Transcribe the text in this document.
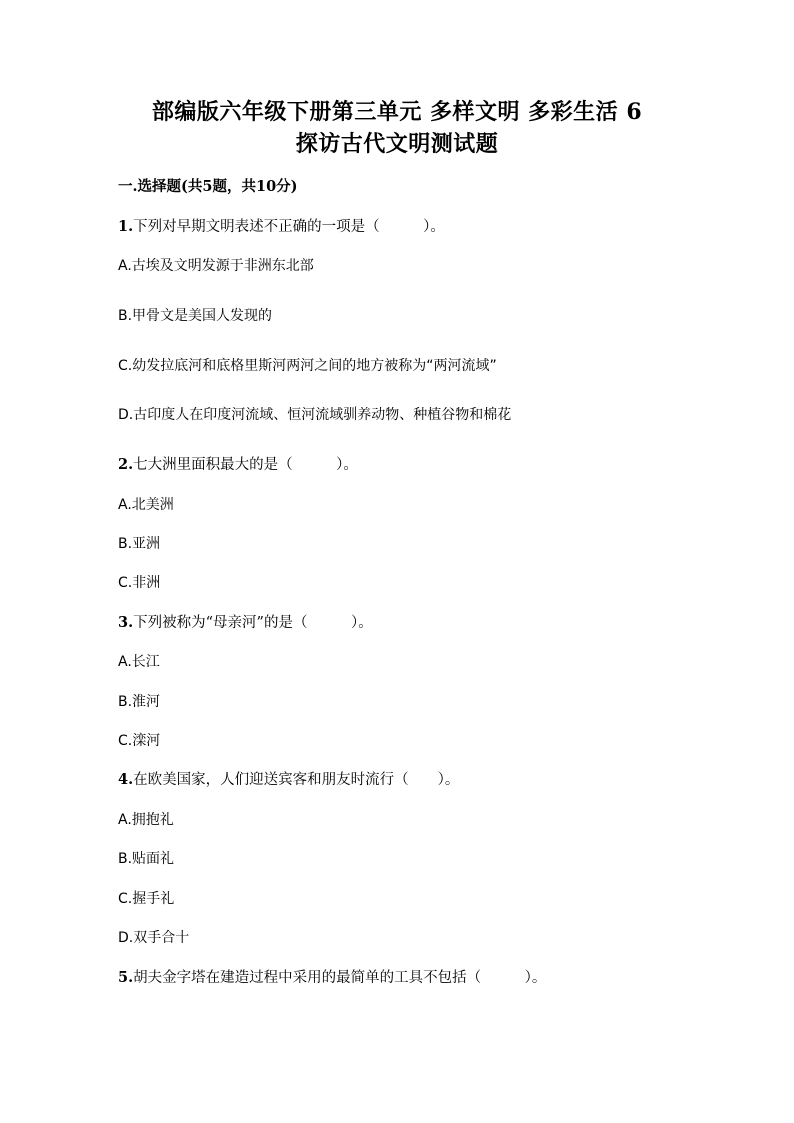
部编版六年级下册第三单元 多样文明 多彩生活 6
探访古代文明测试题
一.选择题(共5题，共10分)
1.下列对早期文明表述不正确的一项是（　　　）。
A.古埃及文明发源于非洲东北部
B.甲骨文是美国人发现的
C.幼发拉底河和底格里斯河两河之间的地方被称为“两河流域”
D.古印度人在印度河流域、恒河流域驯养动物、种植谷物和棉花
2.七大洲里面积最大的是（　　　）。
A.北美洲
B.亚洲
C.非洲
3.下列被称为“母亲河”的是（　　　）。
A.长江
B.淮河
C.滦河
4.在欧美国家，人们迎送宾客和朋友时流行（　　）。
A.拥抱礼
B.贴面礼
C.握手礼
D.双手合十
5.胡夫金字塔在建造过程中采用的最简单的工具不包括（　　　）。
